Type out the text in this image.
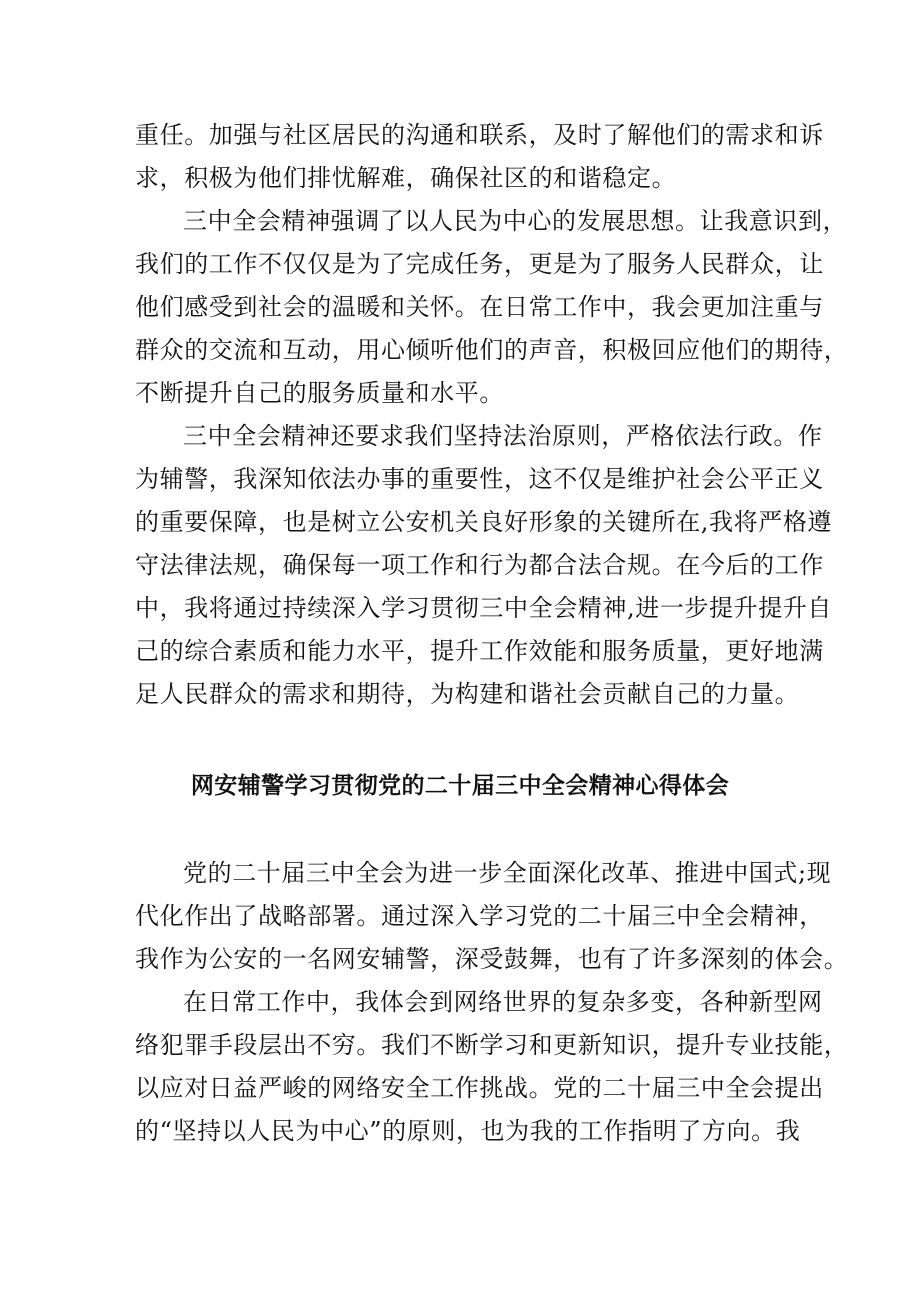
重任。加强与社区居民的沟通和联系，及时了解他们的需求和诉
求，积极为他们排忧解难，确保社区的和谐稳定。
三中全会精神强调了以人民为中心的发展思想。让我意识到，
我们的工作不仅仅是为了完成任务，更是为了服务人民群众，让
他们感受到社会的温暖和关怀。在日常工作中，我会更加注重与
群众的交流和互动，用心倾听他们的声音，积极回应他们的期待，
不断提升自己的服务质量和水平。
三中全会精神还要求我们坚持法治原则，严格依法行政。作
为辅警，我深知依法办事的重要性，这不仅是维护社会公平正义
的重要保障，也是树立公安机关良好形象的关键所在,我将严格遵
守法律法规，确保每一项工作和行为都合法合规。在今后的工作
中，我将通过持续深入学习贯彻三中全会精神,进一步提升提升自
己的综合素质和能力水平，提升工作效能和服务质量，更好地满
足人民群众的需求和期待，为构建和谐社会贡献自己的力量。
网安辅警学习贯彻党的二十届三中全会精神心得体会
党的二十届三中全会为进一步全面深化改革、推进中国式;现
代化作出了战略部署。通过深入学习党的二十届三中全会精神，
我作为公安的一名网安辅警，深受鼓舞，也有了许多深刻的体会。
在日常工作中，我体会到网络世界的复杂多变，各种新型网
络犯罪手段层出不穷。我们不断学习和更新知识，提升专业技能，
以应对日益严峻的网络安全工作挑战。党的二十届三中全会提出
的“坚持以人民为中心”的原则，也为我的工作指明了方向。我
